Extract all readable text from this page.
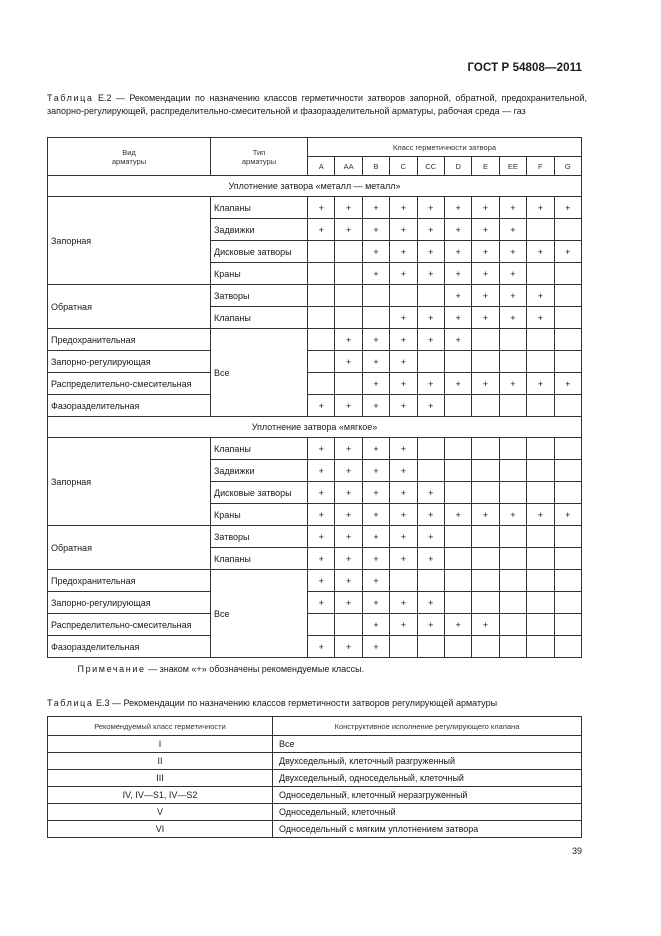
ГОСТ Р 54808—2011
Таблица Е.2 — Рекомендации по назначению классов герметичности затворов запорной, обратной, предохранительной, запорно-регулирующей, распределительно-смесительной и фазоразделительной арматуры, рабочая среда — газ
Вид
арматуры	Тип
арматуры	Класс герметичности затвора									
		A	AA	B	C	CC	D	E	EE	F	G
Уплотнение затвора «металл — металл»											
Запорная	Клапаны	+	+	+	+	+	+	+	+	+	+
	Задвижки	+	+	+	+	+	+	+	+		
	Дисковые затворы			+	+	+	+	+	+	+	+
	Краны			+	+	+	+	+	+		
Обратная	Затворы						+	+	+	+	
	Клапаны				+	+	+	+	+	+	
Предохранительная	Все		+	+	+	+	+				
Запорно-регулирующая			+	+	+						
Распределительно-смесительная				+	+	+	+	+	+	+	+
Фазоразделительная		+	+	+	+	+					
Уплотнение затвора «мягкое»											
Запорная	Клапаны	+	+	+	+						
	Задвижки	+	+	+	+						
	Дисковые затворы	+	+	+	+	+					
	Краны	+	+	+	+	+	+	+	+	+	+
Обратная	Затворы	+	+	+	+	+					
	Клапаны	+	+	+	+	+					
Предохранительная	Все	+	+	+							
Запорно-регулирующая		+	+	+	+	+					
Распределительно-смесительная				+	+	+	+	+			
Фазоразделительная		+	+	+							
Примечание — знаком «+» обозначены рекомендуемые классы.											
Таблица Е.3 — Рекомендации по назначению классов герметичности затворов регулирующей арматуры
Рекомендуемый класс герметичности	Конструктивное исполнение регулирующего клапана
I	Все
II	Двухседельный, клеточный разгруженный
III	Двухседельный, односедельный, клеточный
IV, IV—S1, IV—S2	Односедельный, клеточный неразгруженный
V	Односедельный, клеточный
VI	Односедельный с мягким уплотнением затвора
39
